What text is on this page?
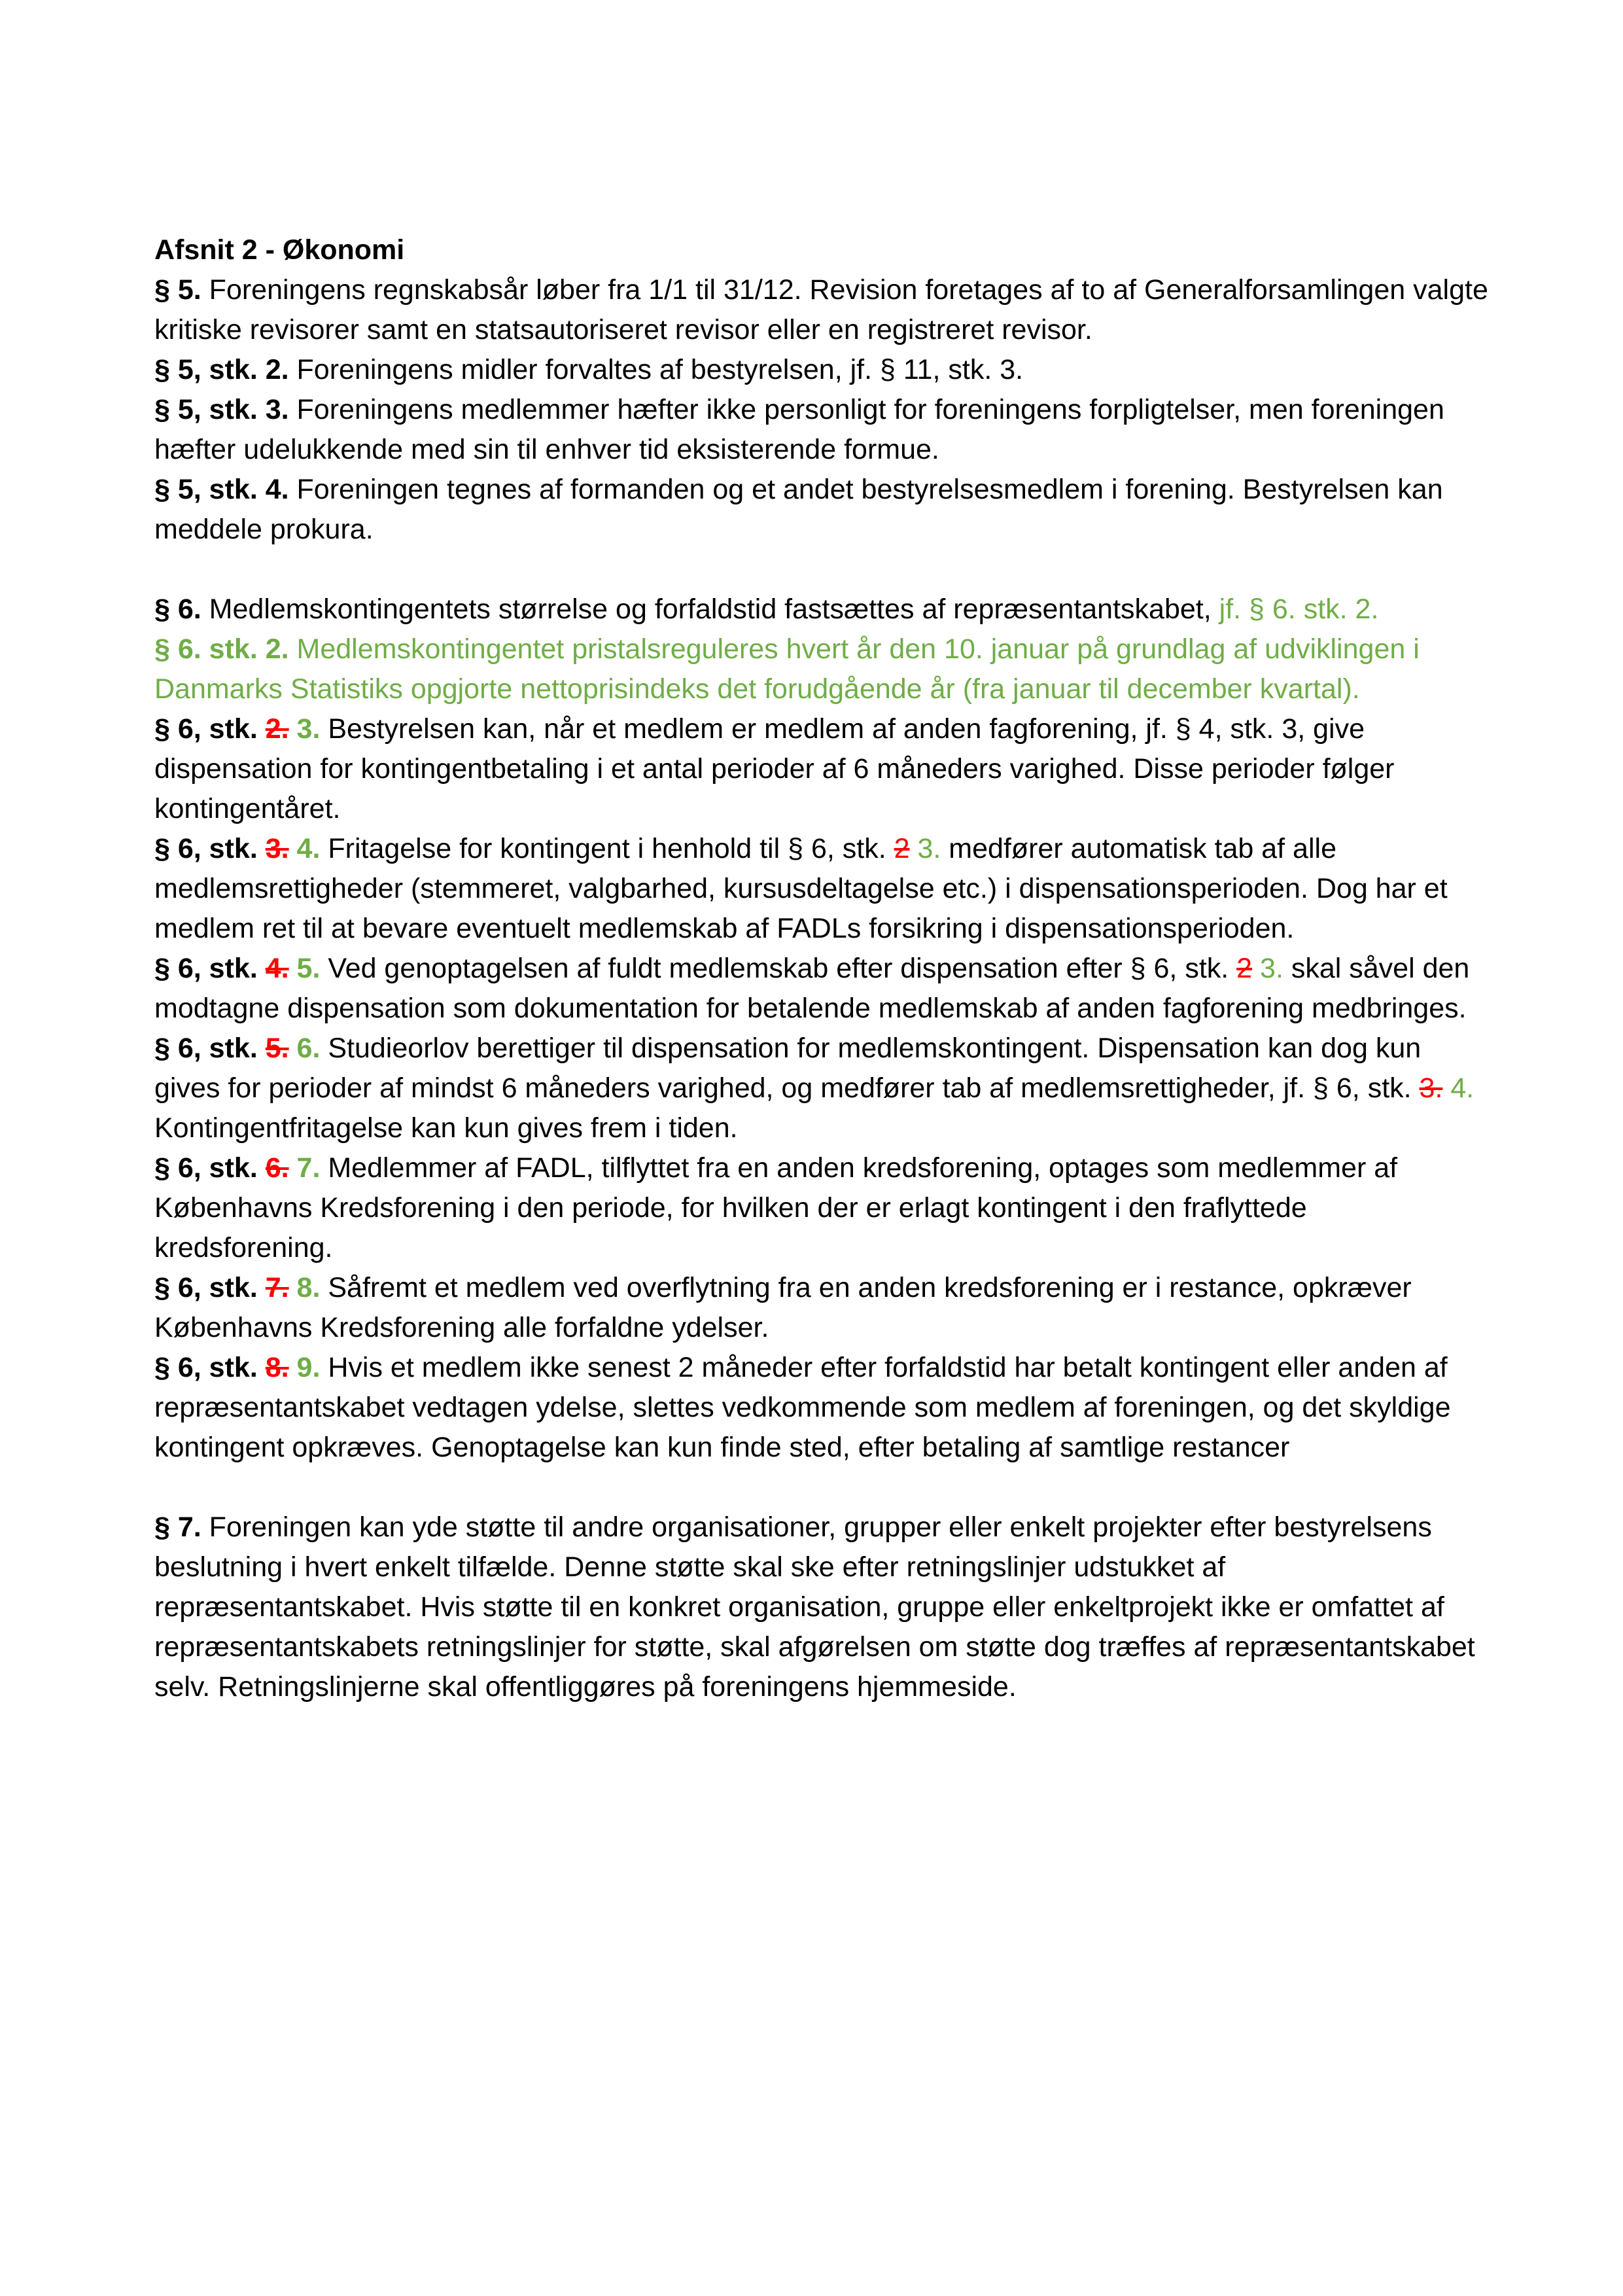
Afsnit 2 - Økonomi

§ 5. Foreningens regnskabsår løber fra 1/1 til 31/12. Revision foretages af to af Generalforsamlingen valgte kritiske revisorer samt en statsautoriseret revisor eller en registreret revisor.

§ 5, stk. 2. Foreningens midler forvaltes af bestyrelsen, jf. § 11, stk. 3.

§ 5, stk. 3. Foreningens medlemmer hæfter ikke personligt for foreningens forpligtelser, men foreningen hæfter udelukkende med sin til enhver tid eksisterende formue.

§ 5, stk. 4. Foreningen tegnes af formanden og et andet bestyrelsesmedlem i forening. Bestyrelsen kan meddele prokura.

§ 6. Medlemskontingentets størrelse og forfaldstid fastsættes af repræsentantskabet, jf. § 6. stk. 2.

§ 6. stk. 2. Medlemskontingentet pristalsreguleres hvert år den 10. januar på grundlag af udviklingen i Danmarks Statistiks opgjorte nettoprisindeks det forudgående år (fra januar til december kvartal).

§ 6, stk. 2. 3. Bestyrelsen kan, når et medlem er medlem af anden fagforening, jf. § 4, stk. 3, give dispensation for kontingentbetaling i et antal perioder af 6 måneders varighed. Disse perioder følger kontingentåret.

§ 6, stk. 3. 4. Fritagelse for kontingent i henhold til § 6, stk. 2 3. medfører automatisk tab af alle medlemsrettigheder (stemmeret, valgbarhed, kursusdeltagelse etc.) i dispensationsperioden. Dog har et medlem ret til at bevare eventuelt medlemskab af FADLs forsikring i dispensationsperioden.

§ 6, stk. 4. 5. Ved genoptagelsen af fuldt medlemskab efter dispensation efter § 6, stk. 2 3. skal såvel den modtagne dispensation som dokumentation for betalende medlemskab af anden fagforening medbringes.

§ 6, stk. 5. 6. Studieorlov berettiger til dispensation for medlemskontingent. Dispensation kan dog kun gives for perioder af mindst 6 måneders varighed, og medfører tab af medlemsrettigheder, jf. § 6, stk. 3. 4. Kontingentfritagelse kan kun gives frem i tiden.

§ 6, stk. 6. 7. Medlemmer af FADL, tilflyttet fra en anden kredsforening, optages som medlemmer af Københavns Kredsforening i den periode, for hvilken der er erlagt kontingent i den fraflyttede kredsforening.

§ 6, stk. 7. 8. Såfremt et medlem ved overflytning fra en anden kredsforening er i restance, opkræver Københavns Kredsforening alle forfaldne ydelser.

§ 6, stk. 8. 9. Hvis et medlem ikke senest 2 måneder efter forfaldstid har betalt kontingent eller anden af repræsentantskabet vedtagen ydelse, slettes vedkommende som medlem af foreningen, og det skyldige kontingent opkræves. Genoptagelse kan kun finde sted, efter betaling af samtlige restancer

§ 7. Foreningen kan yde støtte til andre organisationer, grupper eller enkelt projekter efter bestyrelsens beslutning i hvert enkelt tilfælde. Denne støtte skal ske efter retningslinjer udstukket af repræsentantskabet. Hvis støtte til en konkret organisation, gruppe eller enkeltprojekt ikke er omfattet af repræsentantskabets retningslinjer for støtte, skal afgørelsen om støtte dog træffes af repræsentantskabet selv. Retningslinjerne skal offentliggøres på foreningens hjemmeside.
